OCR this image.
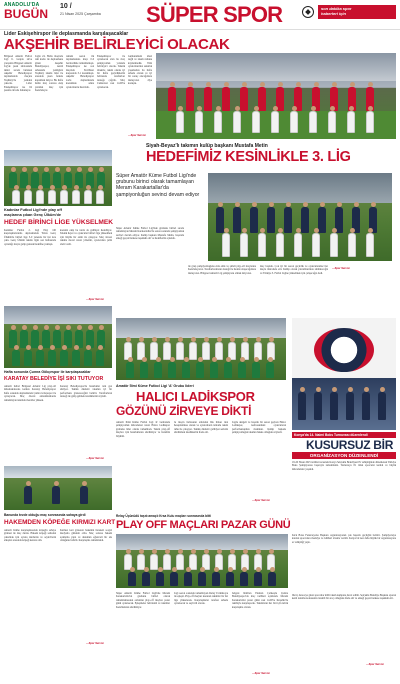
ANADOLU'DA
BUGÜN
10 /
21 Nisan 2025 Çarşamba SÜPER SPOR	son dakika spor
haberleri için
Lider Eskişehirspor ile deplasmanda karşılaşacaklar
AKŞEHİR BELİRLEYİCİ OLACAK
Bölgesel Amatör Futbol Ligi 6. Grupta zirve yarışında Bölgesel Amatör Lig'de puan tablosunda ikinci sırada bulunan Akşehir Belediyespor deplasmanda maçına Yeşilköy'de yeniden çıkacak. Lider Eskişehirspor ise 62 puanla zirvede bulunuyor.
Ligin 24. Hafta maçında tam kadro ile deplasmana giden Akşehir Belediyespor, kendi sahasında yenilgisiz Yeşilköy takımı lider ile arasında puan farkını kapatmak istiyor. Bu hafta üstün maç sonrası ekip yeniden maç için hazırlanıyor.
tamam sezon ilk deplasmanına maçı 0-0 beraberlikle tamamlamıştı. Eskişehirspor ise son maçında Sivrihisar karşısında 3-1 kazanmıştı. Akşehir Belediyespor zorlu deplasmanda kazanmak adına oyuncularını hazırladı.
Eskişehirspor ile oynanacak olan bu maç şampiyonluk yolunda belirleyici olacak. Teknik direktör, takım olarak iyi bir hafta geçirdiklerini belirterek taraftarları desteğe çağırdı. Maç Cumartesi saat 14.00'te oynanacak.
Guldurumum ideal değil ve takım ruhunu kaybetmedik. Tüm oyuncularımız sakatlık yaşamadan bu hafta sahada olacak ve iyi bir sonuç alacağımıza inanıyoruz diye konuştu.
—Spor Servisi
Siyah-Beyaz'lı takımın kulüp başkanı Mustafa Metin
HEDEFİMİZ KESİNLİKLE 3. LİG
Süper Amatör Küme Futbol Ligi'nde grubunu birinci olarak tamamlayan Meram Karakartallar'da şampiyonluğun sevinci devam ediyor
Süper Amatör Küme Futbol Ligi'nde grubunu birinci sırada tamamlayan Meram Karakartallar'da sezon sonunda şampiyonluk sevinci devam ediyor. Kulüp başkanı Mustafa Metin, başarıda emeği geçen herkese teşekkür etti ve hedeflerini açıkladı.
ile grup şampiyonluğunu elde ettik ve şimdi play-off maçlarına hazırlanıyoruz. Taraftarlarımızın desteği ile hedefe ulaşacağımıza inanıyoruz. Bölgesel Amatör Lig şampiyonu olmak istiyoruz.
maç başladı. Çok iyi bir sezon geçirdik ve oyuncularımız her maçta mücadele etti. Kulüp olarak yatırımlarımızı sürdüreceğiz ve Türkiye 3. Futbol Ligine yükselmek için çalışacağız dedi.
—Spor Servisi
Kadınlar Futbol Ligi'nde play off
maçlarına çıkan Genç Ülküm'de
HEDEF BİRİNCİ LİGE YÜKSELMEK
Kadınlar Futbol 2. Ligi Play Off karşılaşmalarında deplasmanda Yalıta Genç Ülküm'de birinci lige 3-0 yenerek bir üst tura çıktı. Genç Ülküm takımı ligin son haftasında oynadığı maçta galip gelerek hedefine yaklaştı.
kazandı ekip bu turda da galibiyet hedefliyor. Teknik heyet ve oyuncular birinci lige yükselmek için büyük bir azim ile çalışıyor. Maç öncesi takıma moral veren yönetim, oyunculara prim sözü verdi.
—Spor Servisi
Hafta sonunda Çumra Gökçespor ile karşılaşacaklar
KARATAY BELEDİYE İŞİ SIKI TUTUYOR
Amatör futbol Bölgesel Amatör Lig play-off müsabakalarına katılan Karatay Belediyespor hafta sonunda deplasmanda Çumra Gökçespor ile oynayacak. Maç öncesi antrenmanlarını tamamlayan takımda moraller yüksek.
Karatay Belediyespor'da hazırlıklar tam gaz sürüyor. Teknik direktör takımın iyi bir performans göstereceğini belirtti. Taraftarların desteği ile galip gelmek istediklerini söyledi.
—Spor Servisi
Banunda tezde olduğu maç sonrasında sahaya girdi
HAKEMDEN KÖPEĞE KIRMIZI KART
Amatör Küme karşılaşmasında köpeğin sahaya girmesi ile maç durdu. Hakem köpeği sahadan çıkarmak için oyunu durdurdu ve seyircilerin alkışları arasında köpeği kenara aldı.
Kırmızı kart gösteren hakemin hareketi sosyal medyada gündem oldu. Maç sonrası hakem açıklama yaptı ve durumun eğlenceli bir anı olduğunu belirtti. Karşılaşma tamamlandı.
—Spor Servisi
Amatör İlimi Küme Futbol Ligi 'A' Grubu lideri
HALICI LADİKSPOR
GÖZÜNÜ ZİRVEYE DİKTİ
Amatör İlimi Küme Futbol Ligi 'A' Grubunda şampiyonluk mücadelesi veren Halıcı Ladikspor grubunu lider olarak tamamladı. Takım play-off maçları için hazırlıklarını sürdürüyor ve hedefini büyüttü.
lu maçın haftasının ardından Ilık ilmarı ilen hesaplanması olarak ve oyuncuların tamamı takım ruhu ile çalışıyor. Teknik direktör galibiyet serisini sürdürmek istediklerini ifade etti.
Ligde dengeli ve başarılı bir sezon geçiren Halıcı Ladikspor, kadrosundaki oyuncuların performansından memnun. Kulüp başkanı şampiyonluğun takımın hakkı olduğunu söyledi.
—Spor Servisi
Konya'da 14. Naimi Boks Turnuvası düzenlendi
KUSURSUZ BİR
ORGANİZASYON DÜZENLENDİ
18-20 Nisan 2025 tarihleri arasında Konya Selçuklu Belediyesi Ev sahipliğinde düzenlenen Türkiye Boks Şampiyonası başarıyla tamamlandı. Turnuvaya 81 ilden sporcular katıldı ve büyük mücadeleler yaşandı.
Kick Boks Federasyonu Başkanı organizasyonun çok başarılı geçtiğini belirtti. Şampiyonaya katılan sporculara madalya ve ödülleri törenle verildi. Konya bir kez daha büyük bir organizasyona ev sahipliği yaptı.
İlk üç dereceye giren sporcular milli takım kampına davet edildi. Selçuklu Belediye Başkanı sporun kenti tanıtma konusunda önemli bir araç olduğunu ifade etti ve emeği geçen herkese teşekkür etti.
—Spor Servisi
Relay Üçünüdü taşıtı amaçlı Krsa Kulu maçları sonrasında bitti
PLAY OFF MAÇLARI PAZAR GÜNÜ
Süper Amatör Küme Futbol Ligi'nde Meram Karakartallar'ın grubunu birinci olarak tamamlamasının ardından play-off maçları pazar günü oynanacak. Eşleşmeler belirlendi ve takımlar hazırlıklarını sürdürüyor.
Ligi sezon sonunda tamamlayan Relay Ücünüsoyu ile eşleşti. Play-off maçları kazanan takımlar bir üst lige yükselecek. Karşılaşmalar tarafsız sahada oynanacak ve seyircili olacak.
belgesi bitirilen Eleman Çalıkoşlu Çumra Belediyespor'da maç tarihleri açıklandı. Meram Karakartallar pazar günü saat 14.00'te Kırşehir'de rakibiyle karşılaşacak. Takımların her biri için kritik karşılaşma olacak.
—Spor Servisi
